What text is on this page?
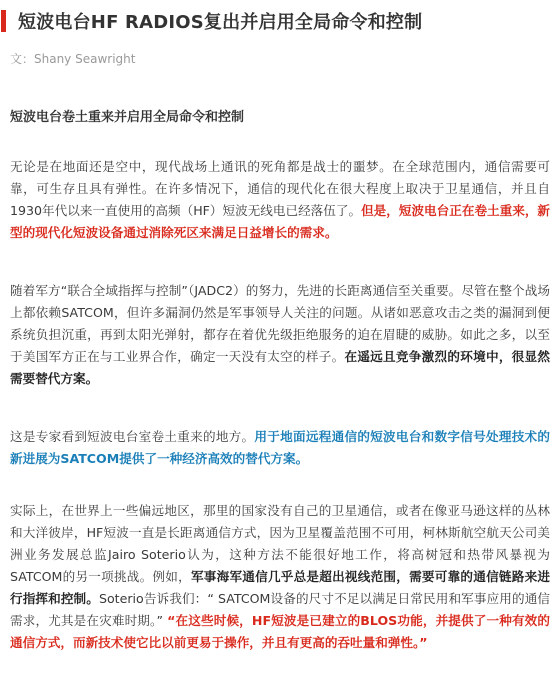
短波电台HF RADIOS复出并启用全局命令和控制
文：Shany Seawright
短波电台卷土重来并启用全局命令和控制
无论是在地面还是空中，现代战场上通讯的死角都是战士的噩梦。在全球范围内，通信需要可靠，可生存且具有弹性。在许多情况下，通信的现代化在很大程度上取决于卫星通信，并且自1930年代以来一直使用的高频（HF）短波无线电已经落伍了。但是，短波电台正在卷土重来，新型的现代化短波设备通过消除死区来满足日益增长的需求。
随着军方“联合全域指挥与控制”（JADC2）的努力，先进的长距离通信至关重要。尽管在整个战场上都依赖SATCOM，但许多漏洞仍然是军事领导人关注的问题。从诸如恶意攻击之类的漏洞到便系统负担沉重，再到太阳光弹射，都存在着优先级拒绝服务的迫在眉睫的威胁。如此之多，以至于美国军方正在与工业界合作，确定一天没有太空的样子。在遥远且竞争激烈的环境中，很显然需要替代方案。
这是专家看到短波电台室卷土重来的地方。用于地面远程通信的短波电台和数字信号处理技术的新进展为SATCOM提供了一种经济高效的替代方案。
实际上，在世界上一些偏远地区，那里的国家没有自己的卫星通信，或者在像亚马逊这样的丛林和大洋彼岸，HF短波一直是长距离通信方式，因为卫星覆盖范围不可用，柯林斯航空航天公司美洲业务发展总监Jairo Soterio认为，这种方法不能很好地工作，将高树冠和热带风暴视为SATCOM的另一项挑战。例如，军事海军通信几乎总是超出视线范围，需要可靠的通信链路来进行指挥和控制。Soterio告诉我们：“ SATCOM设备的尺寸不足以满足日常民用和军事应用的通信需求，尤其是在灾难时期。” “在这些时候，HF短波是已建立的BLOS功能，并提供了一种有效的通信方式，而新技术使它比以前更易于操作，并且有更高的吞吐量和弹性。”
